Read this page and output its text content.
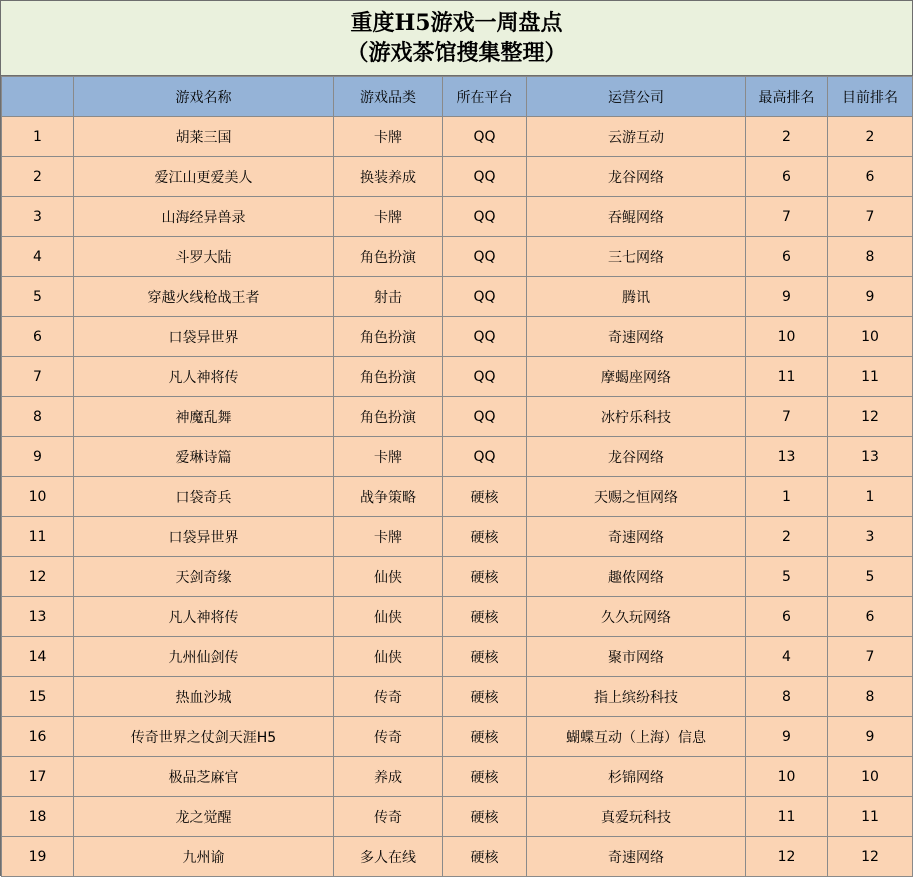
重度H5游戏一周盘点
（游戏茶馆搜集整理）
	游戏名称	游戏品类	所在平台	运营公司	最高排名	目前排名
1	胡莱三国	卡牌	QQ	云游互动	2	2
2	爱江山更爱美人	换装养成	QQ	龙谷网络	6	6
3	山海经异兽录	卡牌	QQ	吞鲲网络	7	7
4	斗罗大陆	角色扮演	QQ	三七网络	6	8
5	穿越火线枪战王者	射击	QQ	腾讯	9	9
6	口袋异世界	角色扮演	QQ	奇速网络	10	10
7	凡人神将传	角色扮演	QQ	摩蝎座网络	11	11
8	神魔乱舞	角色扮演	QQ	冰柠乐科技	7	12
9	爱琳诗篇	卡牌	QQ	龙谷网络	13	13
10	口袋奇兵	战争策略	硬核	天赐之恒网络	1	1
11	口袋异世界	卡牌	硬核	奇速网络	2	3
12	天剑奇缘	仙侠	硬核	趣侬网络	5	5
13	凡人神将传	仙侠	硬核	久久玩网络	6	6
14	九州仙剑传	仙侠	硬核	聚市网络	4	7
15	热血沙城	传奇	硬核	指上缤纷科技	8	8
16	传奇世界之仗剑天涯H5	传奇	硬核	蝴蝶互动（上海）信息	9	9
17	极品芝麻官	养成	硬核	杉锦网络	10	10
18	龙之觉醒	传奇	硬核	真爱玩科技	11	11
19	九州谕	多人在线	硬核	奇速网络	12	12
